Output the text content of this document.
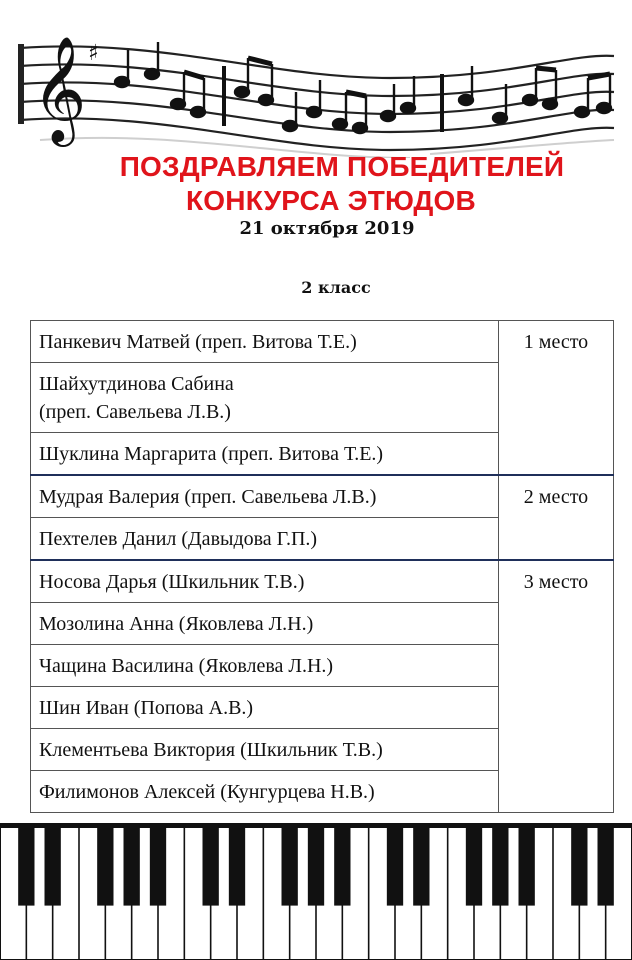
𝄞 ♯
ПОЗДРАВЛЯЕМ ПОБЕДИТЕЛЕЙ
КОНКУРСА ЭТЮДОВ
21 октября 2019
2 класс
Панкевич Матвей (преп. Витова Т.Е.)	1 место
Шайхутдинова Сабина
(преп. Савельева Л.В.)	
Шуклина Маргарита (преп. Витова Т.Е.)	
Мудрая Валерия (преп. Савельева Л.В.)	2 место
Пехтелев Данил (Давыдова Г.П.)	
Носова Дарья (Шкильник Т.В.)	3 место
Мозолина Анна (Яковлева Л.Н.)	
Чащина Василина (Яковлева Л.Н.)	
Шин Иван (Попова А.В.)	
Клементьева Виктория (Шкильник Т.В.)	
Филимонов Алексей (Кунгурцева Н.В.)	
